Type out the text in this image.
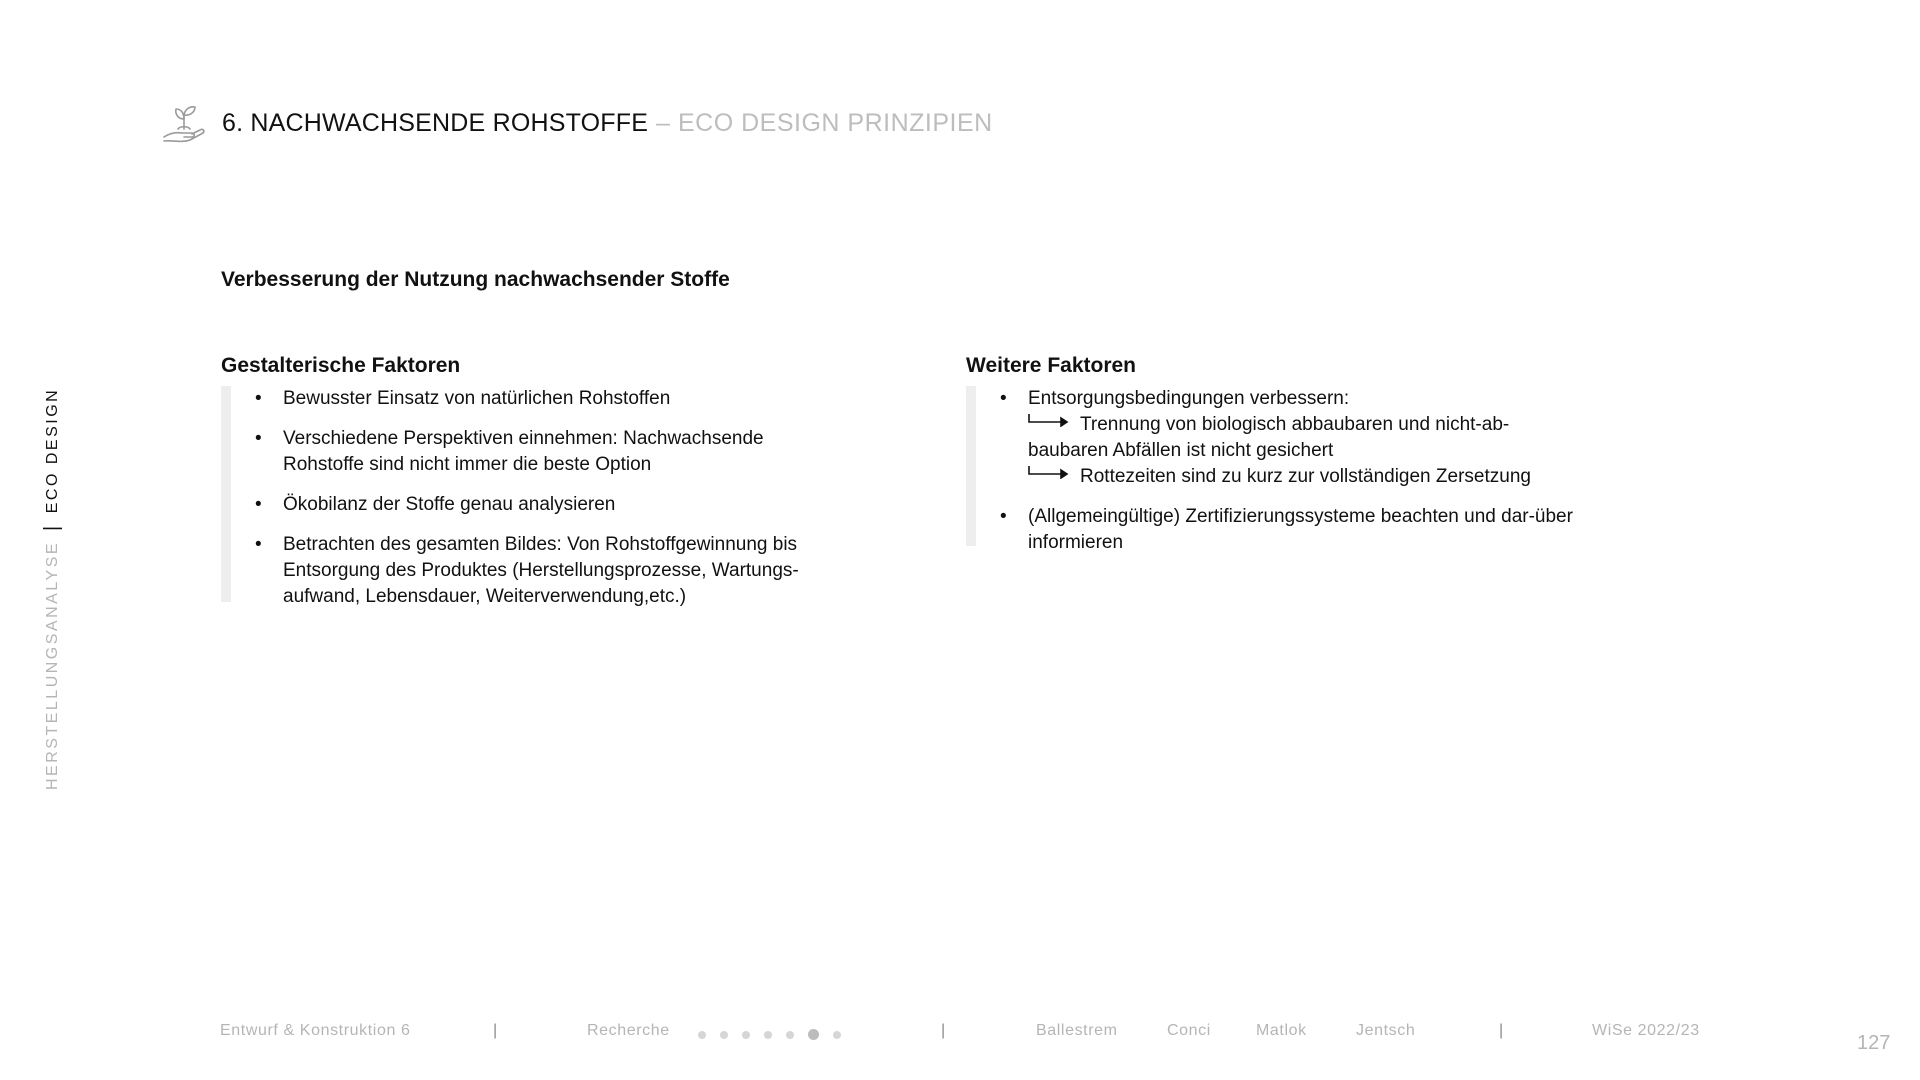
6. NACHWACHSENDE ROHSTOFFE – ECO DESIGN PRINZIPIEN
HERSTELLUNGSANALYSE
|
ECO DESIGN
Verbesserung der Nutzung nachwachsender Stoffe
Gestalterische Faktoren
• Bewusster Einsatz von natürlichen Rohstoffen
• Verschiedene Perspektiven einnehmen: Nachwachsende Rohstoffe sind nicht immer die beste Option
• Ökobilanz der Stoffe genau analysieren
• Betrachten des gesamten Bildes: Von Rohstoffgewinnung bis Entsorgung des Produktes (Herstellungsprozesse, Wartungs-aufwand, Lebensdauer, Weiterverwendung,etc.)
Weitere Faktoren
• Entsorgungsbedingungen verbessern:
Trennung von biologisch abbaubaren und nicht-ab-
baubaren Abfällen ist nicht gesichert
Rottezeiten sind zu kurz zur vollständigen Zersetzung
• (Allgemeingültige) Zertifizierungssysteme beachten und dar-über informieren
Entwurf & Konstruktion 6	|	Recherche	|	Ballestrem	Conci	Matlok	Jentsch	|	WiSe 2022/23
127
